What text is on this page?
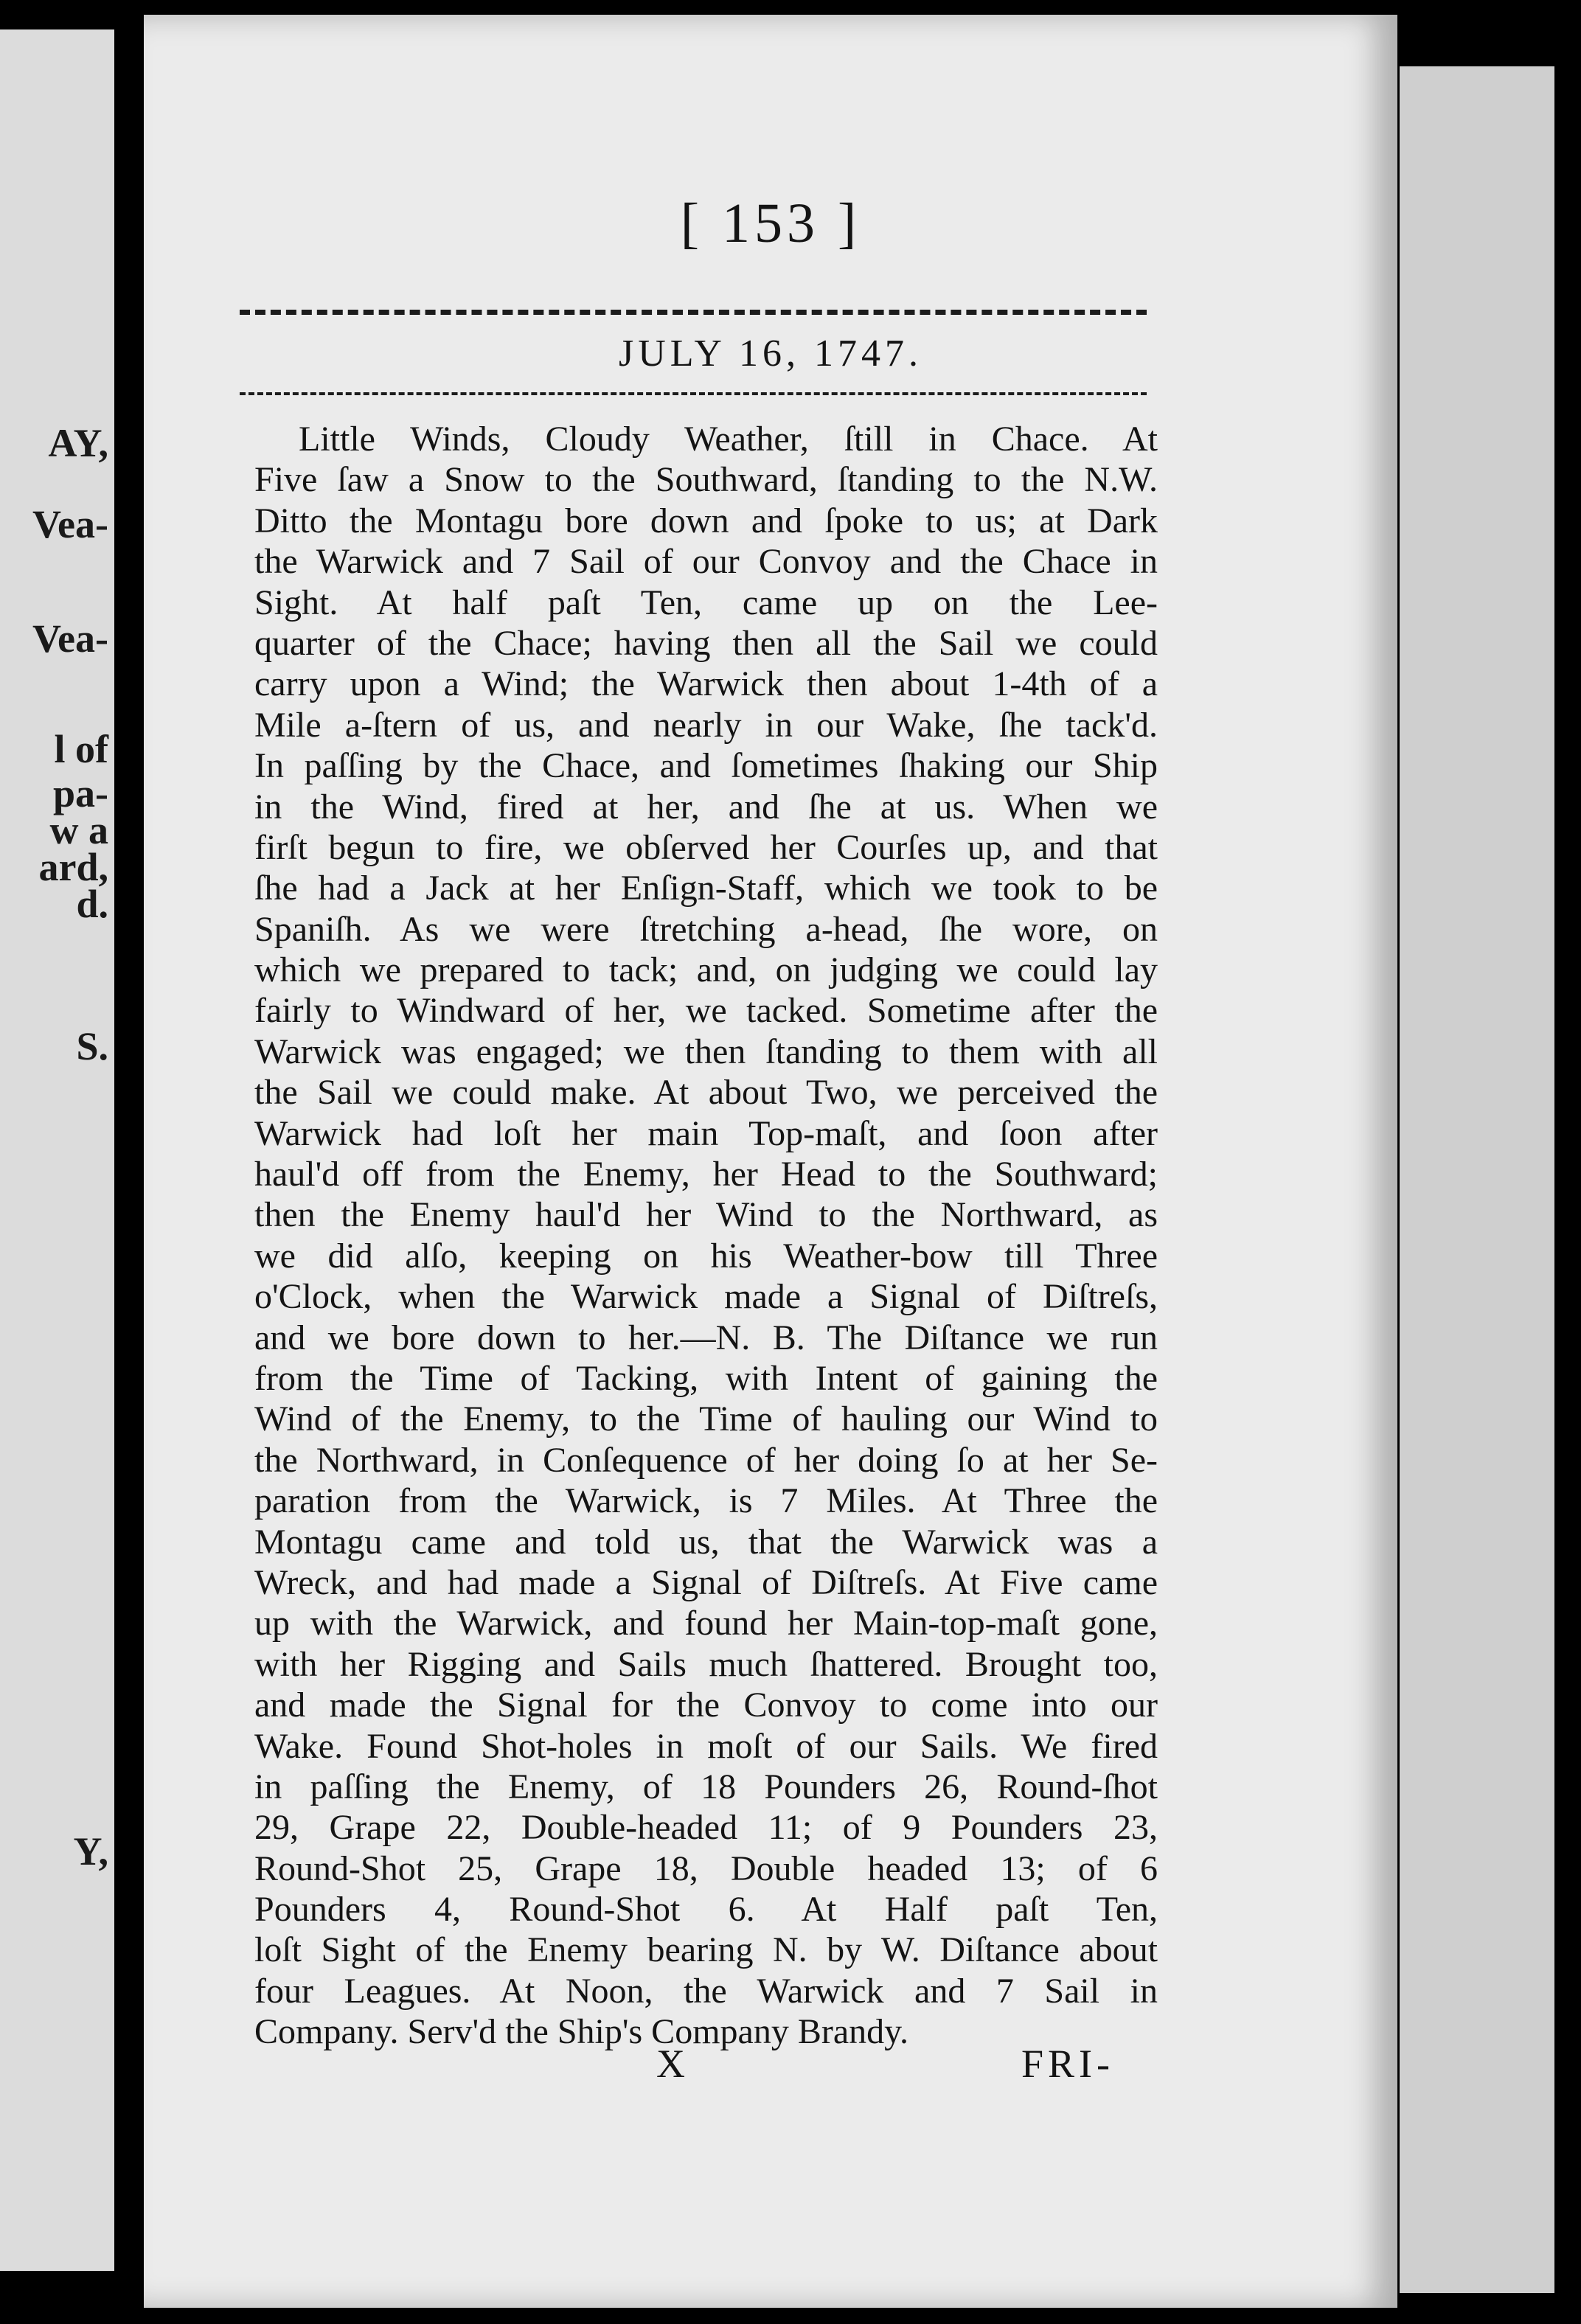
AY,
Vea-
Vea-
l of
pa-
w a
ard,
d.
S.
Y,
[ 153 ]
JULY 16, 1747.
Little Winds, Cloudy Weather, ſtill in Chace. At
Five ſaw a Snow to the Southward, ſtanding to the N.W.
Ditto the Montagu bore down and ſpoke to us; at Dark
the Warwick and 7 Sail of our Convoy and the Chace in
Sight. At half paſt Ten, came up on the Lee-
quarter of the Chace; having then all the Sail we could
carry upon a Wind; the Warwick then about 1-4th of a
Mile a-ſtern of us, and nearly in our Wake, ſhe tack'd.
In paſſing by the Chace, and ſometimes ſhaking our Ship
in the Wind, fired at her, and ſhe at us. When we
firſt begun to fire, we obſerved her Courſes up, and that
ſhe had a Jack at her Enſign-Staff, which we took to be
Spaniſh. As we were ſtretching a-head, ſhe wore, on
which we prepared to tack; and, on judging we could lay
fairly to Windward of her, we tacked. Sometime after the
Warwick was engaged; we then ſtanding to them with all
the Sail we could make. At about Two, we perceived the
Warwick had loſt her main Top-maſt, and ſoon after
haul'd off from the Enemy, her Head to the Southward;
then the Enemy haul'd her Wind to the Northward, as
we did alſo, keeping on his Weather-bow till Three
o'Clock, when the Warwick made a Signal of Diſtreſs,
and we bore down to her.—N. B. The Diſtance we run
from the Time of Tacking, with Intent of gaining the
Wind of the Enemy, to the Time of hauling our Wind to
the Northward, in Conſequence of her doing ſo at her Se-
paration from the Warwick, is 7 Miles. At Three the
Montagu came and told us, that the Warwick was a
Wreck, and had made a Signal of Diſtreſs. At Five came
up with the Warwick, and found her Main-top-maſt gone,
with her Rigging and Sails much ſhattered. Brought too,
and made the Signal for the Convoy to come into our
Wake. Found Shot-holes in moſt of our Sails. We fired
in paſſing the Enemy, of 18 Pounders 26, Round-ſhot
29, Grape 22, Double-headed 11; of 9 Pounders 23,
Round-Shot 25, Grape 18, Double headed 13; of 6
Pounders 4, Round-Shot 6. At Half paſt Ten,
loſt Sight of the Enemy bearing N. by W. Diſtance about
four Leagues. At Noon, the Warwick and 7 Sail in
Company. Serv'd the Ship's Company Brandy.
X	FRI-
